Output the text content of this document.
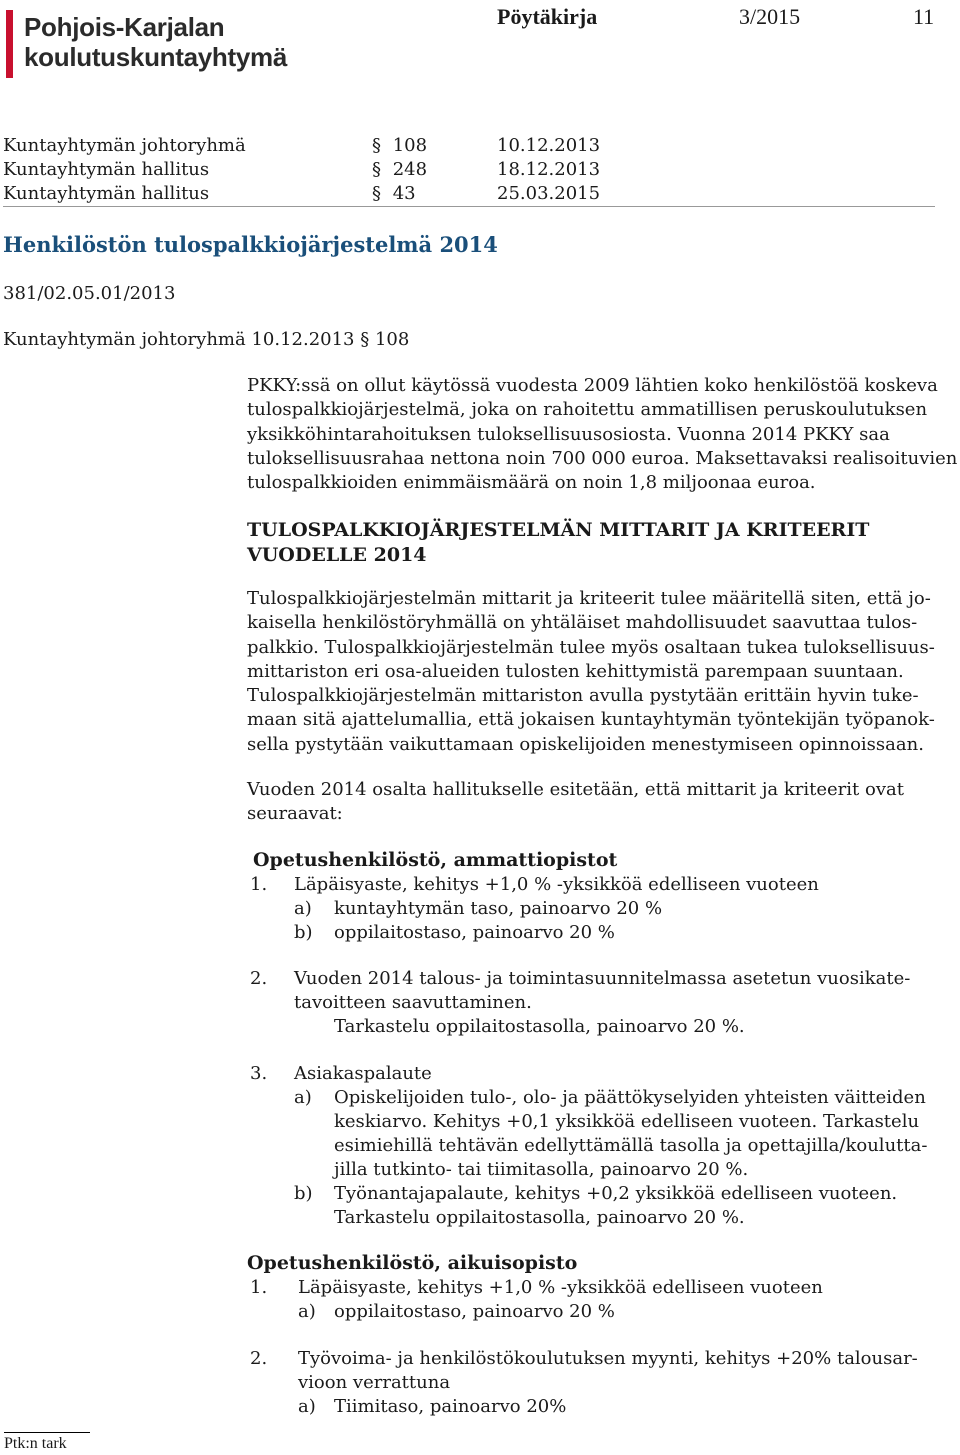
Pohjois-Karjalan
koulutuskuntayhtymä
Pöytäkirja	3/2015	11
Kuntayhtymän johtoryhmä	§ 108	10.12.2013
Kuntayhtymän hallitus	§ 248	18.12.2013
Kuntayhtymän hallitus	§ 43	25.03.2015
Henkilöstön tulospalkkiojärjestelmä 2014
381/02.05.01/2013
Kuntayhtymän johtoryhmä 10.12.2013 § 108
PKKY:ssä on ollut käytössä vuodesta 2009 lähtien koko henkilöstöä koskeva
tulospalkkiojärjestelmä, joka on rahoitettu ammatillisen peruskoulutuksen
yksikköhintarahoituksen tuloksellisuusosiosta. Vuonna 2014 PKKY saa
tuloksellisuusrahaa nettona noin 700 000 euroa. Maksettavaksi realisoituvien
tulospalkkioiden enimmäismäärä on noin 1,8 miljoonaa euroa.
TULOSPALKKIOJÄRJESTELMÄN MITTARIT JA KRITEERIT
VUODELLE 2014
Tulospalkkiojärjestelmän mittarit ja kriteerit tulee määritellä siten, että jo-
kaisella henkilöstöryhmällä on yhtäläiset mahdollisuudet saavuttaa tulos-
palkkio. Tulospalkkiojärjestelmän tulee myös osaltaan tukea tuloksellisuus-
mittariston eri osa-alueiden tulosten kehittymistä parempaan suuntaan.
Tulospalkkiojärjestelmän mittariston avulla pystytään erittäin hyvin tuke-
maan sitä ajattelumallia, että jokaisen kuntayhtymän työntekijän työpanok-
sella pystytään vaikuttamaan opiskelijoiden menestymiseen opinnoissaan.
Vuoden 2014 osalta hallitukselle esitetään, että mittarit ja kriteerit ovat
seuraavat:
Opetushenkilöstö, ammattiopistot
1. Läpäisyaste, kehitys +1,0 % -yksikköä edelliseen vuoteen
a) kuntayhtymän taso, painoarvo 20 %
b) oppilaitostaso, painoarvo 20 %
2. Vuoden 2014 talous- ja toimintasuunnitelmassa asetetun vuosikate-
tavoitteen saavuttaminen.
Tarkastelu oppilaitostasolla, painoarvo 20 %.
3. Asiakaspalaute
a) Opiskelijoiden tulo-, olo- ja päättökyselyiden yhteisten väitteiden
keskiarvo. Kehitys +0,1 yksikköä edelliseen vuoteen. Tarkastelu
esimiehillä tehtävän edellyttämällä tasolla ja opettajilla/koulutta-
jilla tutkinto- tai tiimitasolla, painoarvo 20 %.
b) Työnantajapalaute, kehitys +0,2 yksikköä edelliseen vuoteen.
Tarkastelu oppilaitostasolla, painoarvo 20 %.
Opetushenkilöstö, aikuisopisto
1. Läpäisyaste, kehitys +1,0 % -yksikköä edelliseen vuoteen
a) oppilaitostaso, painoarvo 20 %
2. Työvoima- ja henkilöstökoulutuksen myynti, kehitys +20% talousar-
vioon verrattuna
a) Tiimitaso, painoarvo 20%
Ptk:n tark
